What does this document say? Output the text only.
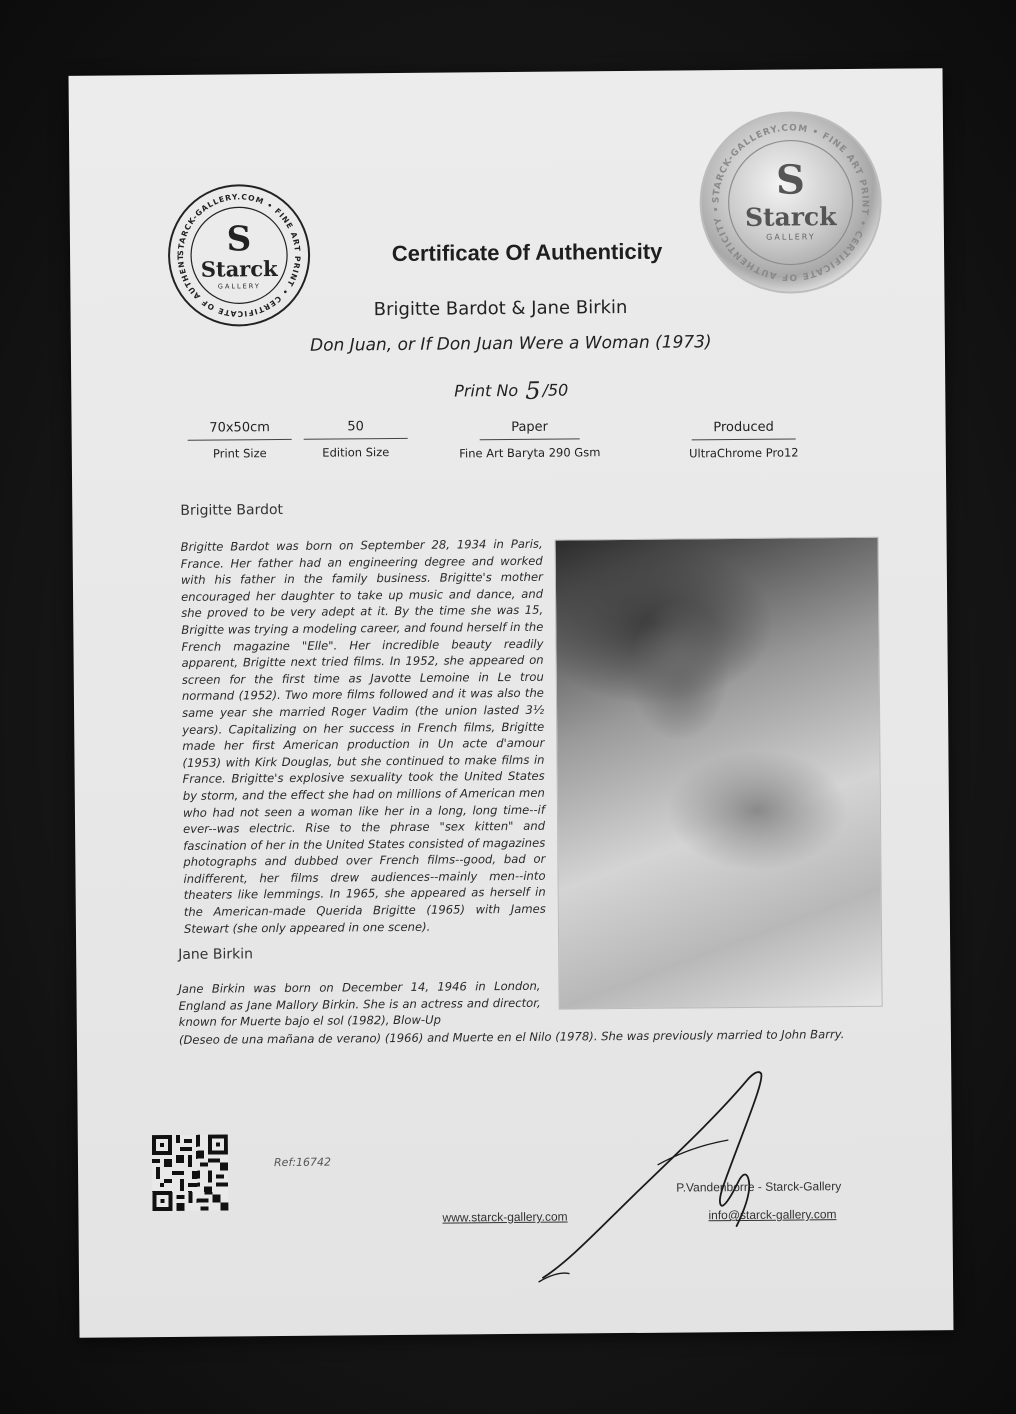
STARCK-GALLERY.COM • FINE ART PRINT • CERTIFICATE OF AUTHENTICITY
S
Starck
GALLERY
STARCK-GALLERY.COM • FINE ART PRINT • CERTIFICATE OF AUTHENTICITY •
S
Starck
GALLERY
Certificate Of Authenticity
Brigitte Bardot & Jane Birkin
Don Juan, or If Don Juan Were a Woman (1973)
Print No 5 /50
70x50cm
Print Size
50
Edition Size
Paper
Fine Art Baryta 290 Gsm
Produced
UltraChrome Pro12
Brigitte Bardot
Brigitte Bardot was born on September 28, 1934 in Paris, France. Her father had an engineering degree and worked with his father in the family business. Brigitte's mother encouraged her daughter to take up music and dance, and she proved to be very adept at it. By the time she was 15, Brigitte was trying a modeling career, and found herself in the French magazine "Elle". Her incredible beauty readily apparent, Brigitte next tried films. In 1952, she appeared on screen for the first time as Javotte Lemoine in Le trou normand (1952). Two more films followed and it was also the same year she married Roger Vadim (the union lasted 3½ years). Capitalizing on her success in French films, Brigitte made her first American production in Un acte d'amour (1953) with Kirk Douglas, but she continued to make films in France. Brigitte's explosive sexuality took the United States by storm, and the effect she had on millions of American men who had not seen a woman like her in a long, long time--if ever--was electric. Rise to the phrase "sex kitten" and fascination of her in the United States consisted of magazines photographs and dubbed over French films--good, bad or indifferent, her films drew audiences--mainly men--into theaters like lemmings. In 1965, she appeared as herself in the American-made Querida Brigitte (1965) with James Stewart (she only appeared in one scene).
Jane Birkin
Jane Birkin was born on December 14, 1946 in London, England as Jane Mallory Birkin. She is an actress and director, known for Muerte bajo el sol (1982), Blow-Up
(Deseo de una mañana de verano) (1966) and Muerte en el Nilo (1978). She was previously married to John Barry.
Ref:16742
www.starck-gallery.com
P.Vandenborre - Starck-Gallery
info@starck-gallery.com
